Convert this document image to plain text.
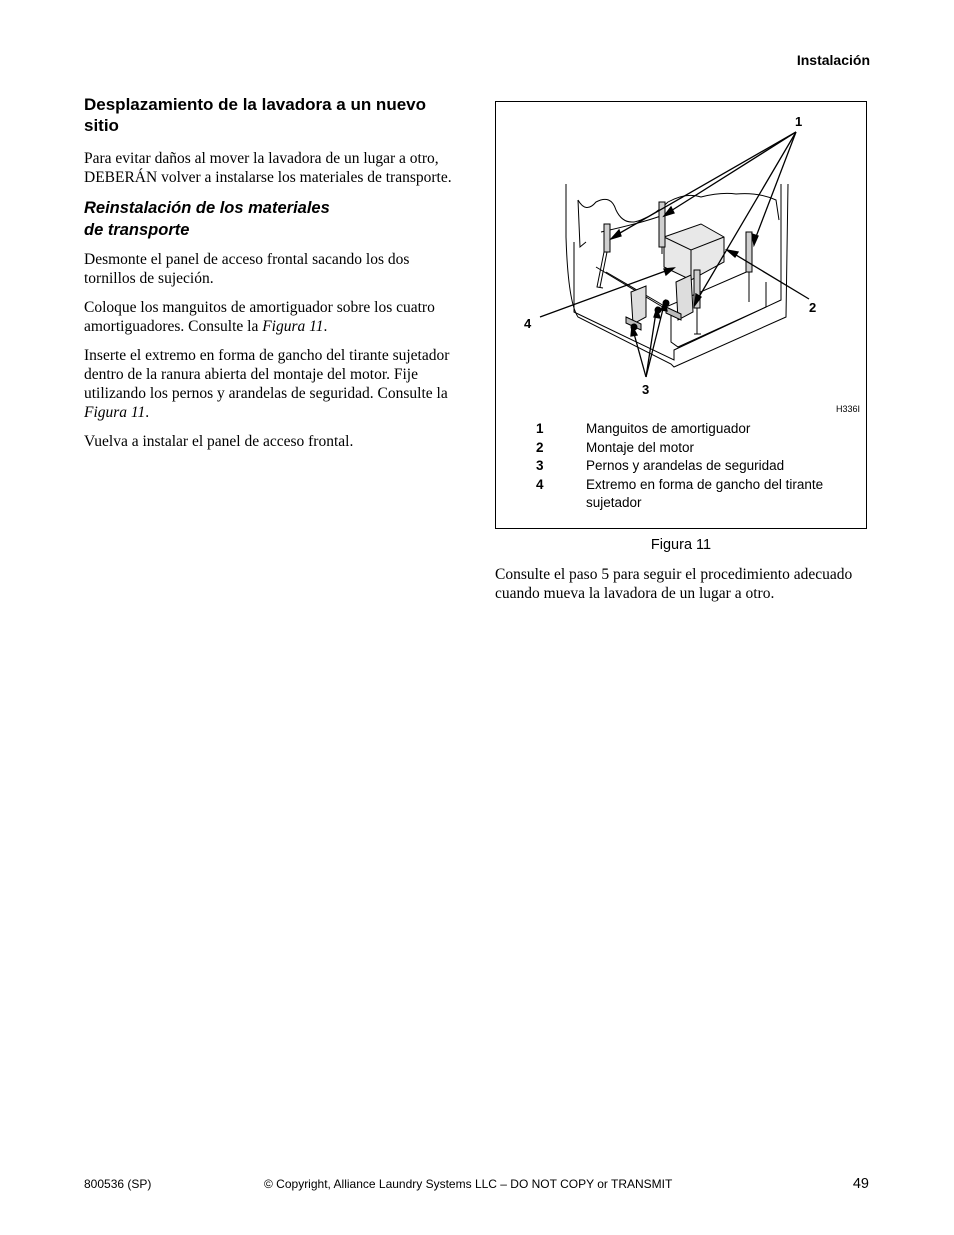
Instalación
Desplazamiento de la lavadora a un nuevo sitio

Para evitar daños al mover la lavadora de un lugar a otro, DEBERÁN volver a instalarse los materiales de transporte.

Reinstalación de los materiales
de transporte

Desmonte el panel de acceso frontal sacando los dos tornillos de sujeción.

Coloque los manguitos de amortiguador sobre los cuatro amortiguadores. Consulte la Figura 11.

Inserte el extremo en forma de gancho del tirante sujetador dentro de la ranura abierta del montaje del motor. Fije utilizando los pernos y arandelas de seguridad. Consulte la Figura 11.

Vuelva a instalar el panel de acceso frontal.

1
2
3
4
H336I
1	Manguitos de amortiguador
2	Montaje del motor
3	Pernos y arandelas de seguridad
4	Extremo en forma de gancho del tirante sujetador
Figura 11

Consulte el paso 5 para seguir el procedimiento adecuado cuando mueva la lavadora de un lugar a otro.

800536 (SP)	© Copyright, Alliance Laundry Systems LLC – DO NOT COPY or TRANSMIT	49
